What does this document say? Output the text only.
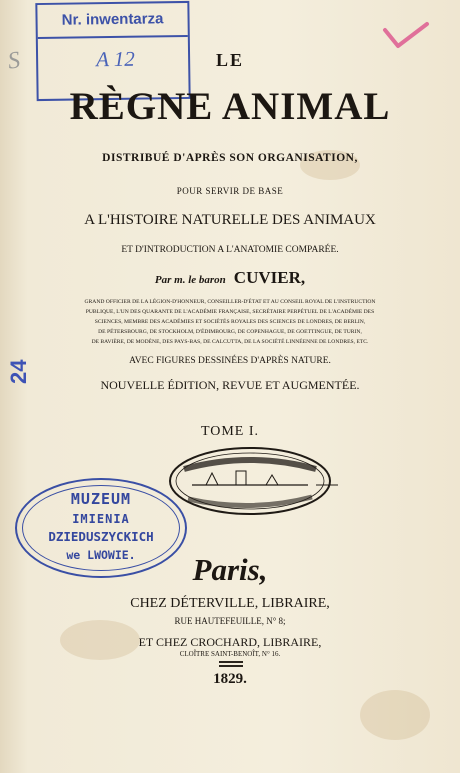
Nr. inwentarza
A 12
S
24
LE
RÈGNE ANIMAL
DISTRIBUÉ D'APRÈS SON ORGANISATION,
POUR SERVIR DE BASE
A L'HISTOIRE NATURELLE DES ANIMAUX
ET D'INTRODUCTION A L'ANATOMIE COMPARÉE.
Par m. le baron CUVIER,
GRAND OFFICIER DE LA LÉGION-D'HONNEUR, CONSEILLER-D'ÉTAT ET AU CONSEIL ROYAL DE L'INSTRUCTION
PUBLIQUE, L'UN DES QUARANTE DE L'ACADÉMIE FRANÇAISE, SECRÉTAIRE PERPÉTUEL DE L'ACADÉMIE DES
SCIENCES, MEMBRE DES ACADÉMIES ET SOCIÉTÉS ROYALES DES SCIENCES DE LONDRES, DE BERLIN,
DE PÉTERSBOURG, DE STOCKHOLM, D'ÉDIMBOURG, DE COPENHAGUE, DE GOETTINGUE, DE TURIN,
DE BAVIÈRE, DE MODÈNE, DES PAYS-BAS, DE CALCUTTA, DE LA SOCIÉTÉ LINNÉENNE DE LONDRES, ETC.
AVEC FIGURES DESSINÉES D'APRÈS NATURE.
NOUVELLE ÉDITION, REVUE ET AUGMENTÉE.
TOME I.
MUZEUM
IMIENIA
DZIEDUSZYCKICH
we LWOWIE.	Paris,
CHEZ DÉTERVILLE, LIBRAIRE,
RUE HAUTEFEUILLE, N° 8;
ET CHEZ CROCHARD, LIBRAIRE,
CLOÎTRE SAINT-BENOÎT, N° 16.
1829.
